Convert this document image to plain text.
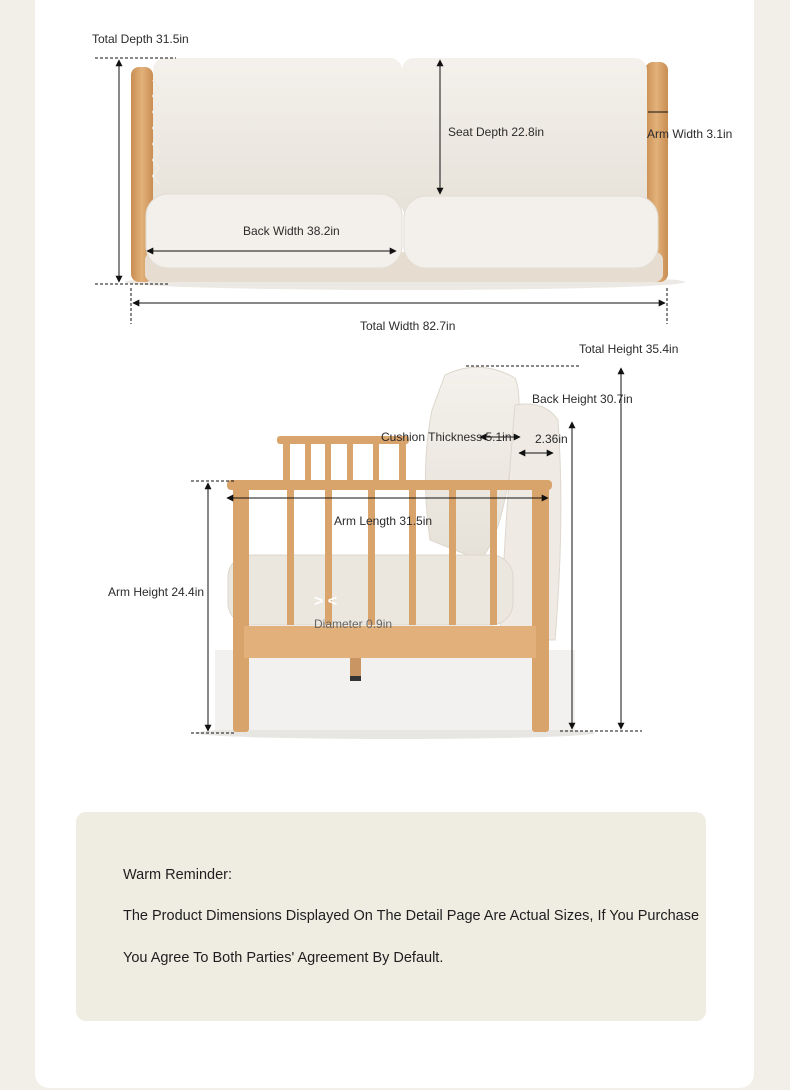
Total Depth 31.5in
Seat Depth 22.8in	Arm Width 3.1in
Back Width 38.2in
Total Width 82.7in
Total Height 35.4in
Back Height 30.7in
Cushion Thickness 5.1in 2.36in
Arm Length 31.5in
Arm Height 24.4in
> <
Diameter 0.9in
Warm Reminder:
The Product Dimensions Displayed On The Detail Page Are Actual Sizes, If You Purchase
You Agree To Both Parties' Agreement By Default.
